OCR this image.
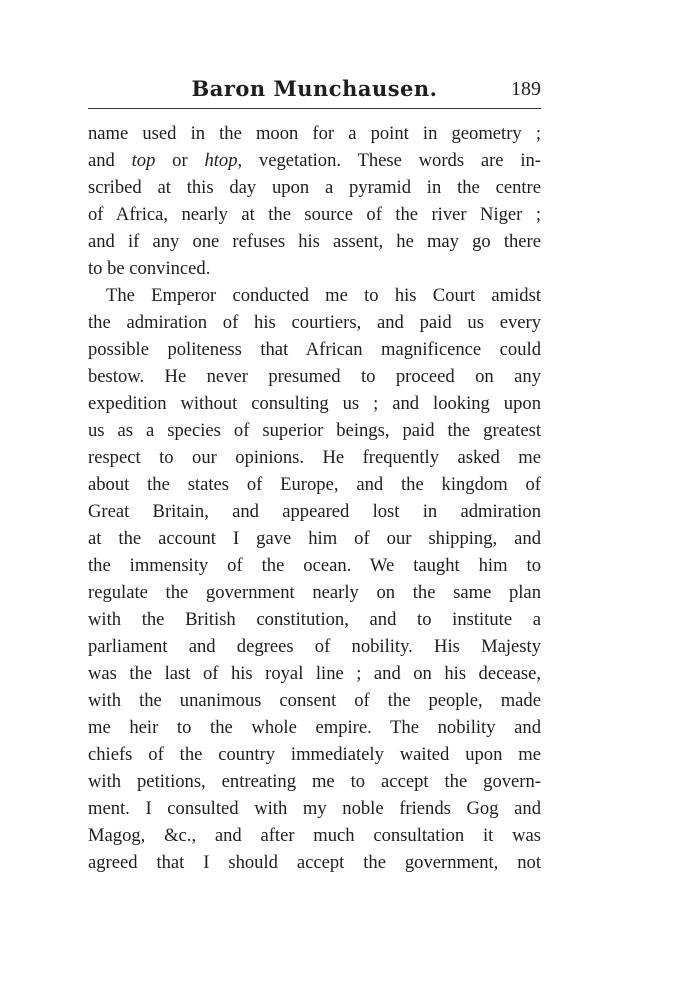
Baron Munchausen.	189
name used in the moon for a point in geometry ;
and top or htop, vegetation. These words are in-
scribed at this day upon a pyramid in the centre
of Africa, nearly at the source of the river Niger ;
and if any one refuses his assent, he may go there
to be convinced.
The Emperor conducted me to his Court amidst
the admiration of his courtiers, and paid us every
possible politeness that African magnificence could
bestow. He never presumed to proceed on any
expedition without consulting us ; and looking upon
us as a species of superior beings, paid the greatest
respect to our opinions. He frequently asked me
about the states of Europe, and the kingdom of
Great Britain, and appeared lost in admiration
at the account I gave him of our shipping, and
the immensity of the ocean. We taught him to
regulate the government nearly on the same plan
with the British constitution, and to institute a
parliament and degrees of nobility. His Majesty
was the last of his royal line ; and on his decease,
with the unanimous consent of the people, made
me heir to the whole empire. The nobility and
chiefs of the country immediately waited upon me
with petitions, entreating me to accept the govern-
ment. I consulted with my noble friends Gog and
Magog, &c., and after much consultation it was
agreed that I should accept the government, not
